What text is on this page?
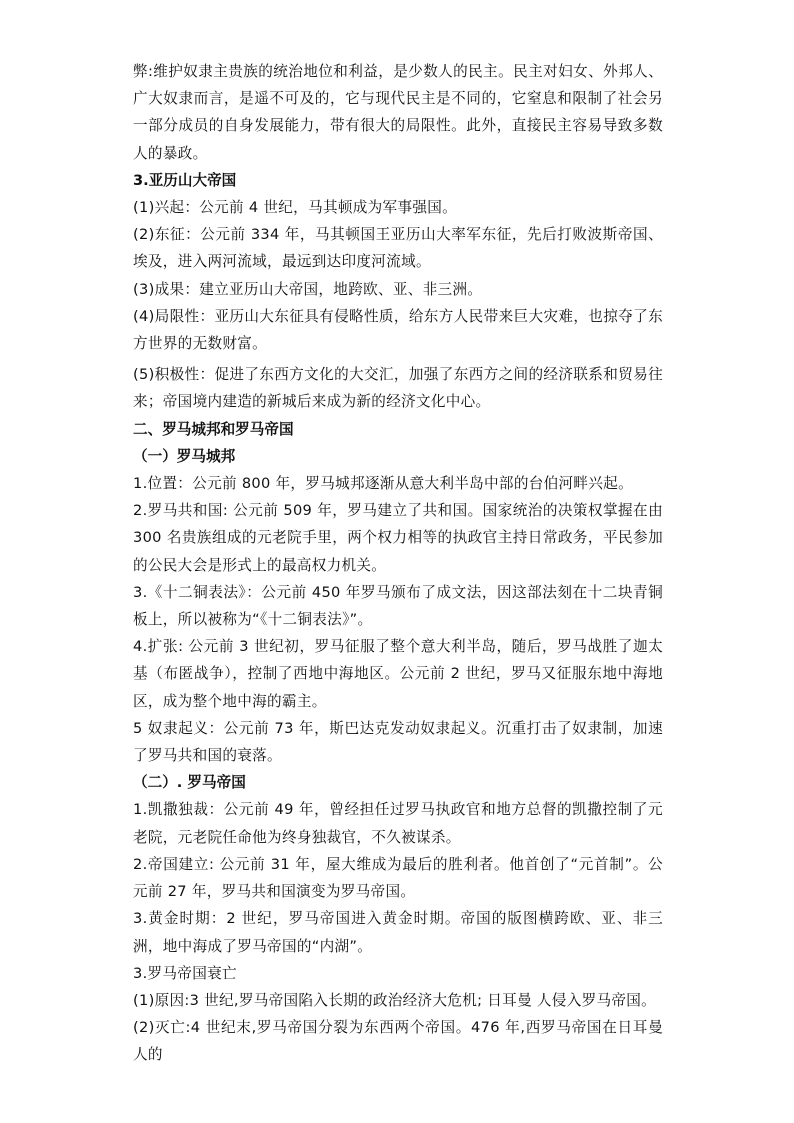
弊:维护奴隶主贵族的统治地位和利益，是少数人的民主。民主对妇女、外邦人、广大奴隶而言，是遥不可及的，它与现代民主是不同的，它窒息和限制了社会另一部分成员的自身发展能力，带有很大的局限性。此外，直接民主容易导致多数人的暴政。

3.亚历山大帝国

(1)兴起：公元前 4 世纪，马其顿成为军事强国。

(2)东征：公元前 334 年，马其顿国王亚历山大率军东征，先后打败波斯帝国、埃及，进入两河流域，最远到达印度河流域。

(3)成果：建立亚历山大帝国，地跨欧、亚、非三洲。

(4)局限性：亚历山大东征具有侵略性质，给东方人民带来巨大灾难，也掠夺了东方世界的无数财富。

(5)积极性：促进了东西方文化的大交汇，加强了东西方之间的经济联系和贸易往来；帝国境内建造的新城后来成为新的经济文化中心。

二、罗马城邦和罗马帝国

（一）罗马城邦

1.位置：公元前 800 年，罗马城邦逐渐从意大利半岛中部的台伯河畔兴起。

2.罗马共和国: 公元前 509 年，罗马建立了共和国。国家统治的决策权掌握在由 300 名贵族组成的元老院手里，两个权力相等的执政官主持日常政务，平民参加的公民大会是形式上的最高权力机关。

3.《十二铜表法》：公元前 450 年罗马颁布了成文法，因这部法刻在十二块青铜板上，所以被称为“《十二铜表法》”。

4.扩张: 公元前 3 世纪初，罗马征服了整个意大利半岛，随后，罗马战胜了迦太基（布匿战争），控制了西地中海地区。公元前 2 世纪，罗马又征服东地中海地区，成为整个地中海的霸主。

5 奴隶起义：公元前 73 年，斯巴达克发动奴隶起义。沉重打击了奴隶制，加速了罗马共和国的衰落。

（二）. 罗马帝国

1.凯撒独裁：公元前 49 年，曾经担任过罗马执政官和地方总督的凯撒控制了元老院，元老院任命他为终身独裁官，不久被谋杀。

2.帝国建立: 公元前 31 年，屋大维成为最后的胜利者。他首创了“元首制”。公元前 27 年，罗马共和国演变为罗马帝国。

3.黄金时期：2 世纪，罗马帝国进入黄金时期。帝国的版图横跨欧、亚、非三洲，地中海成了罗马帝国的“内湖”。

3.罗马帝国衰亡

(1)原因:3 世纪,罗马帝国陷入长期的政治经济大危机; 日耳曼 人侵入罗马帝国。

(2)灭亡:4 世纪末,罗马帝国分裂为东西两个帝国。476 年,西罗马帝国在日耳曼人的
